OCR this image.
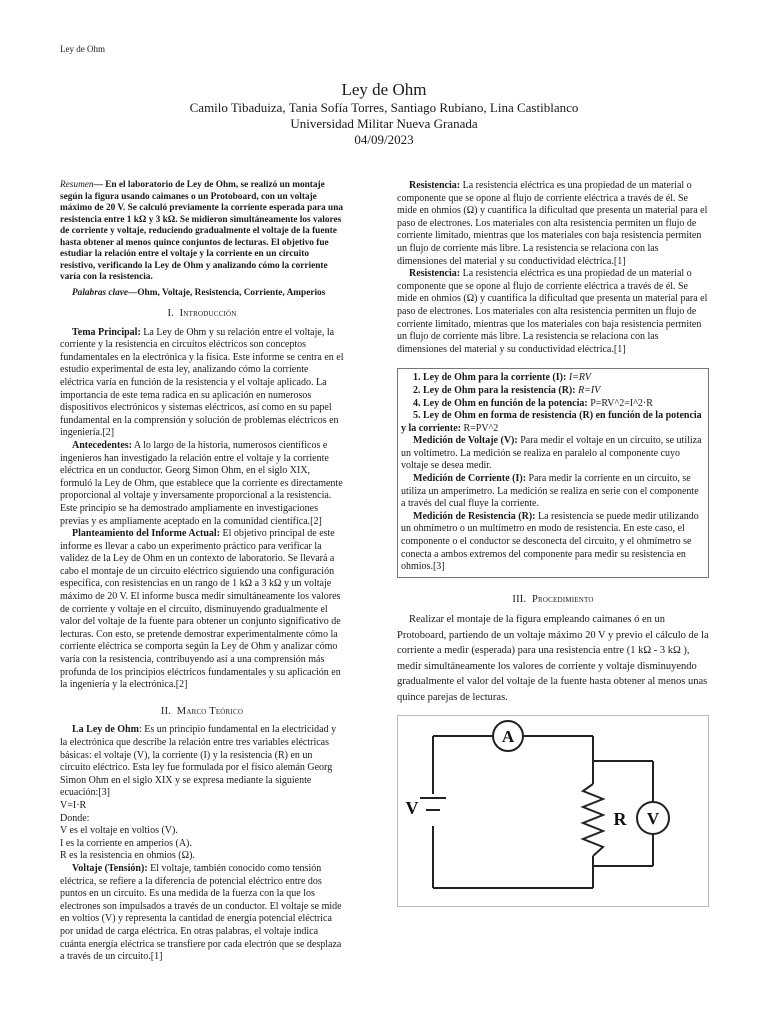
Ley de Ohm
Ley de Ohm
Camilo Tibaduiza, Tania Sofía Torres, Santiago Rubiano, Lina Castiblanco
Universidad Militar Nueva Granada
04/09/2023

Resumen— En el laboratorio de Ley de Ohm, se realizó un montaje según la figura usando caimanes o un Protoboard, con un voltaje máximo de 20 V. Se calculó previamente la corriente esperada para una resistencia entre 1 kΩ y 3 kΩ. Se midieron simultáneamente los valores de corriente y voltaje, reduciendo gradualmente el voltaje de la fuente hasta obtener al menos quince conjuntos de lecturas. El objetivo fue estudiar la relación entre el voltaje y la corriente en un circuito resistivo, verificando la Ley de Ohm y analizando cómo la corriente varía con la resistencia.

Palabras clave—Ohm, Voltaje, Resistencia, Corriente, Amperios

I. Introducción

Tema Principal: La Ley de Ohm y su relación entre el voltaje, la corriente y la resistencia en circuitos eléctricos son conceptos fundamentales en la electrónica y la física. Este informe se centra en el estudio experimental de esta ley, analizando cómo la corriente eléctrica varía en función de la resistencia y el voltaje aplicado. La importancia de este tema radica en su aplicación en numerosos dispositivos electrónicos y sistemas eléctricos, así como en su papel fundamental en la comprensión y solución de problemas eléctricos en ingeniería.[2]

Antecedentes: A lo largo de la historia, numerosos científicos e ingenieros han investigado la relación entre el voltaje y la corriente eléctrica en un conductor. Georg Simon Ohm, en el siglo XIX, formuló la Ley de Ohm, que establece que la corriente es directamente proporcional al voltaje y inversamente proporcional a la resistencia. Este principio se ha demostrado ampliamente en investigaciones previas y es ampliamente aceptado en la comunidad científica.[2]

Planteamiento del Informe Actual: El objetivo principal de este informe es llevar a cabo un experimento práctico para verificar la validez de la Ley de Ohm en un contexto de laboratorio. Se llevará a cabo el montaje de un circuito eléctrico siguiendo una configuración específica, con resistencias en un rango de 1 kΩ a 3 kΩ y un voltaje máximo de 20 V. El informe busca medir simultáneamente los valores de corriente y voltaje en el circuito, disminuyendo gradualmente el valor del voltaje de la fuente para obtener un conjunto significativo de lecturas. Con esto, se pretende demostrar experimentalmente cómo la corriente eléctrica se comporta según la Ley de Ohm y analizar cómo varía con la resistencia, contribuyendo así a una comprensión más profunda de los principios eléctricos fundamentales y su aplicación en la ingeniería y la electrónica.[2]

II. Marco Teórico

La Ley de Ohm: Es un principio fundamental en la electricidad y la electrónica que describe la relación entre tres variables eléctricas básicas: el voltaje (V), la corriente (I) y la resistencia (R) en un circuito eléctrico. Esta ley fue formulada por el físico alemán Georg Simon Ohm en el siglo XIX y se expresa mediante la siguiente ecuación:[3]

V=I·R

Donde:

V es el voltaje en voltios (V).

I es la corriente en amperios (A).

R es la resistencia en ohmios (Ω).

Voltaje (Tensión): El voltaje, también conocido como tensión eléctrica, se refiere a la diferencia de potencial eléctrico entre dos puntos en un circuito. Es una medida de la fuerza con la que los electrones son impulsados a través de un conductor. El voltaje se mide en voltios (V) y representa la cantidad de energía potencial eléctrica por unidad de carga eléctrica. En otras palabras, el voltaje indica cuánta energía eléctrica se transfiere por cada electrón que se desplaza a través de un circuito.[1]

Resistencia: La resistencia eléctrica es una propiedad de un material o componente que se opone al flujo de corriente eléctrica a través de él. Se mide en ohmios (Ω) y cuantifica la dificultad que presenta un material para el paso de electrones. Los materiales con alta resistencia permiten un flujo de corriente limitado, mientras que los materiales con baja resistencia permiten un flujo de corriente más libre. La resistencia se relaciona con las dimensiones del material y su conductividad eléctrica.[1]

Resistencia: La resistencia eléctrica es una propiedad de un material o componente que se opone al flujo de corriente eléctrica a través de él. Se mide en ohmios (Ω) y cuantifica la dificultad que presenta un material para el paso de electrones. Los materiales con alta resistencia permiten un flujo de corriente limitado, mientras que los materiales con baja resistencia permiten un flujo de corriente más libre. La resistencia se relaciona con las dimensiones del material y su conductividad eléctrica.[1]

1. Ley de Ohm para la corriente (I): I=RV

2. Ley de Ohm para la resistencia (R): R=IV

4. Ley de Ohm en función de la potencia: P=RV^2=I^2·R

5. Ley de Ohm en forma de resistencia (R) en función de la potencia y la corriente: R=PV^2

Medición de Voltaje (V): Para medir el voltaje en un circuito, se utiliza un voltímetro. La medición se realiza en paralelo al componente cuyo voltaje se desea medir.

Medición de Corriente (I): Para medir la corriente en un circuito, se utiliza un amperímetro. La medición se realiza en serie con el componente a través del cual fluye la corriente.

Medición de Resistencia (R): La resistencia se puede medir utilizando un ohmímetro o un multímetro en modo de resistencia. En este caso, el componente o el conductor se desconecta del circuito, y el ohmímetro se conecta a ambos extremos del componente para medir su resistencia en ohmios.[3]

III. Procedimiento

Realizar el montaje de la figura empleando caimanes ó en un Protoboard, partiendo de un voltaje máximo 20 V y previo el cálculo de la corriente a medir (esperada) para una resistencia entre (1 kΩ - 3 kΩ ), medir simultáneamente los valores de corriente y voltaje disminuyendo gradualmente el valor del voltaje de la fuente hasta obtener al menos unas quince parejas de lecturas.

A
V
R
V
